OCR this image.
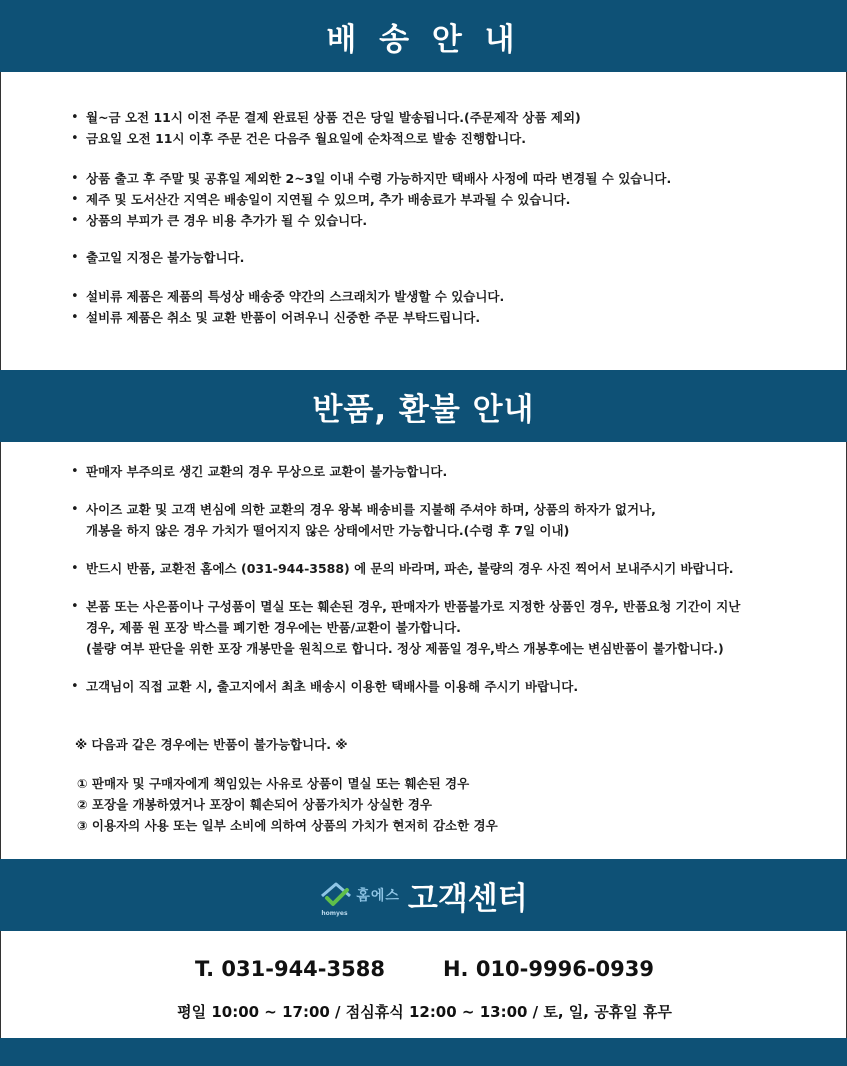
배 송 안 내
• 월~금 오전 11시 이전 주문 결제 완료된 상품 건은 당일 발송됩니다.(주문제작 상품 제외)
• 금요일 오전 11시 이후 주문 건은 다음주 월요일에 순차적으로 발송 진행합니다.
• 상품 출고 후 주말 및 공휴일 제외한 2~3일 이내 수령 가능하지만 택배사 사정에 따라 변경될 수 있습니다.
• 제주 및 도서산간 지역은 배송일이 지연될 수 있으며, 추가 배송료가 부과될 수 있습니다.
• 상품의 부피가 큰 경우 비용 추가가 될 수 있습니다.
• 출고일 지정은 불가능합니다.
• 설비류 제품은 제품의 특성상 배송중 약간의 스크래치가 발생할 수 있습니다.
• 설비류 제품은 취소 및 교환 반품이 어려우니 신중한 주문 부탁드립니다.
반품, 환불 안내
• 판매자 부주의로 생긴 교환의 경우 무상으로 교환이 불가능합니다.
• 사이즈 교환 및 고객 변심에 의한 교환의 경우 왕복 배송비를 지불해 주셔야 하며, 상품의 하자가 없거나,
개봉을 하지 않은 경우 가치가 떨어지지 않은 상태에서만 가능합니다.(수령 후 7일 이내)
• 반드시 반품, 교환전 홈에스 (031-944-3588) 에 문의 바라며, 파손, 불량의 경우 사진 찍어서 보내주시기 바랍니다.
• 본품 또는 사은품이나 구성품이 멸실 또는 훼손된 경우, 판매자가 반품불가로 지정한 상품인 경우, 반품요청 기간이 지난
경우, 제품 원 포장 박스를 폐기한 경우에는 반품/교환이 불가합니다.
(불량 여부 판단을 위한 포장 개봉만을 원칙으로 합니다. 정상 제품일 경우,박스 개봉후에는 변심반품이 불가합니다.)
• 고객님이 직접 교환 시, 출고지에서 최초 배송시 이용한 택배사를 이용해 주시기 바랍니다.
※ 다음과 같은 경우에는 반품이 불가능합니다. ※
① 판매자 및 구매자에게 책임있는 사유로 상품이 멸실 또는 훼손된 경우
② 포장을 개봉하였거나 포장이 훼손되어 상품가치가 상실한 경우
③ 이용자의 사용 또는 일부 소비에 의하여 상품의 가치가 현저히 감소한 경우
홈에스
homyes 고객센터
T. 031-944-3588	H. 010-9996-0939
평일 10:00 ~ 17:00 / 점심휴식 12:00 ~ 13:00 / 토, 일, 공휴일 휴무
